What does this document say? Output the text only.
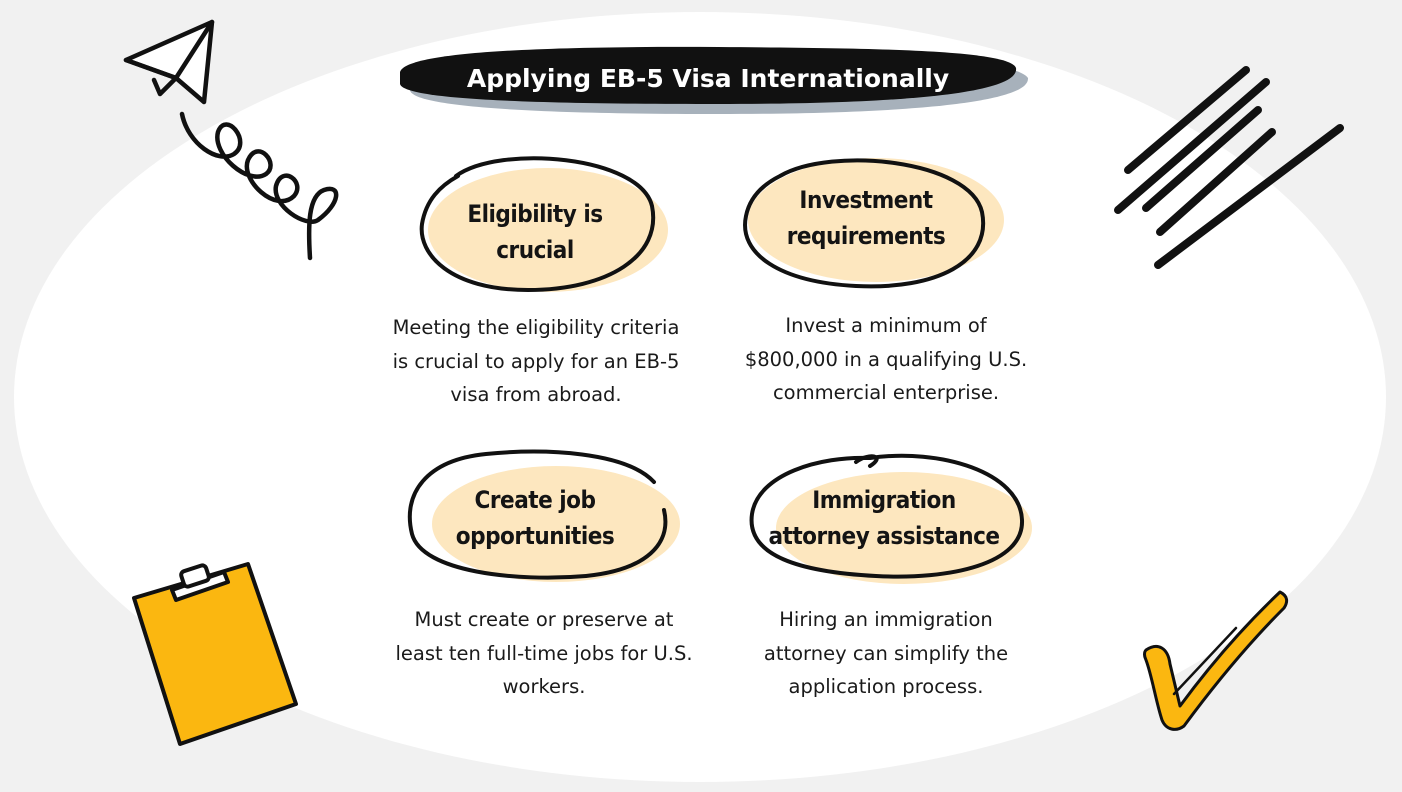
Applying EB-5 Visa Internationally
Eligibility is
crucial
Meeting the eligibility criteria
is crucial to apply for an EB-5
visa from abroad.
Investment
requirements
Invest a minimum of
$800,000 in a qualifying U.S.
commercial enterprise.
Create job
opportunities
Must create or preserve at
least ten full-time jobs for U.S.
workers.
Immigration
attorney assistance
Hiring an immigration
attorney can simplify the
application process.
